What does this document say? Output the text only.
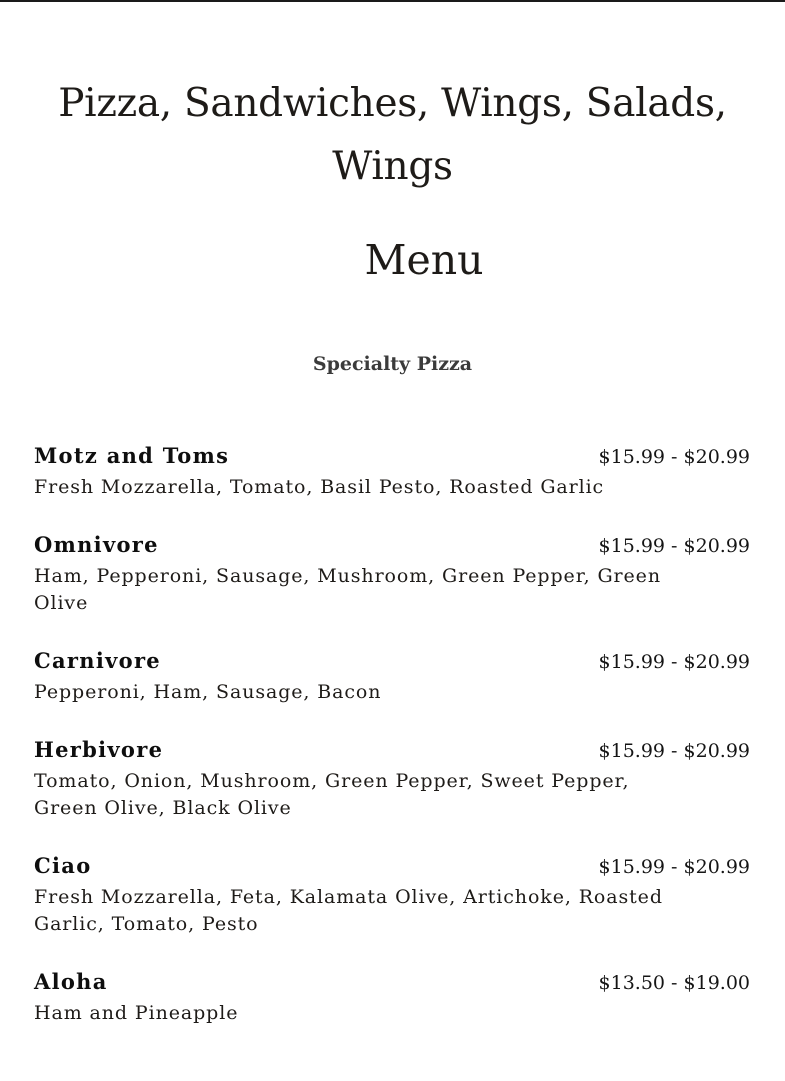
Pizza, Sandwiches, Wings, Salads,
Wings
Menu
Specialty Pizza
Motz and Toms	$15.99 - $20.99
Fresh Mozzarella, Tomato, Basil Pesto, Roasted Garlic
Omnivore	$15.99 - $20.99
Ham, Pepperoni, Sausage, Mushroom, Green Pepper, Green Olive
Carnivore	$15.99 - $20.99
Pepperoni, Ham, Sausage, Bacon
Herbivore	$15.99 - $20.99
Tomato, Onion, Mushroom, Green Pepper, Sweet Pepper, Green Olive, Black Olive
Ciao	$15.99 - $20.99
Fresh Mozzarella, Feta, Kalamata Olive, Artichoke, Roasted Garlic, Tomato, Pesto
Aloha	$13.50 - $19.00
Ham and Pineapple
